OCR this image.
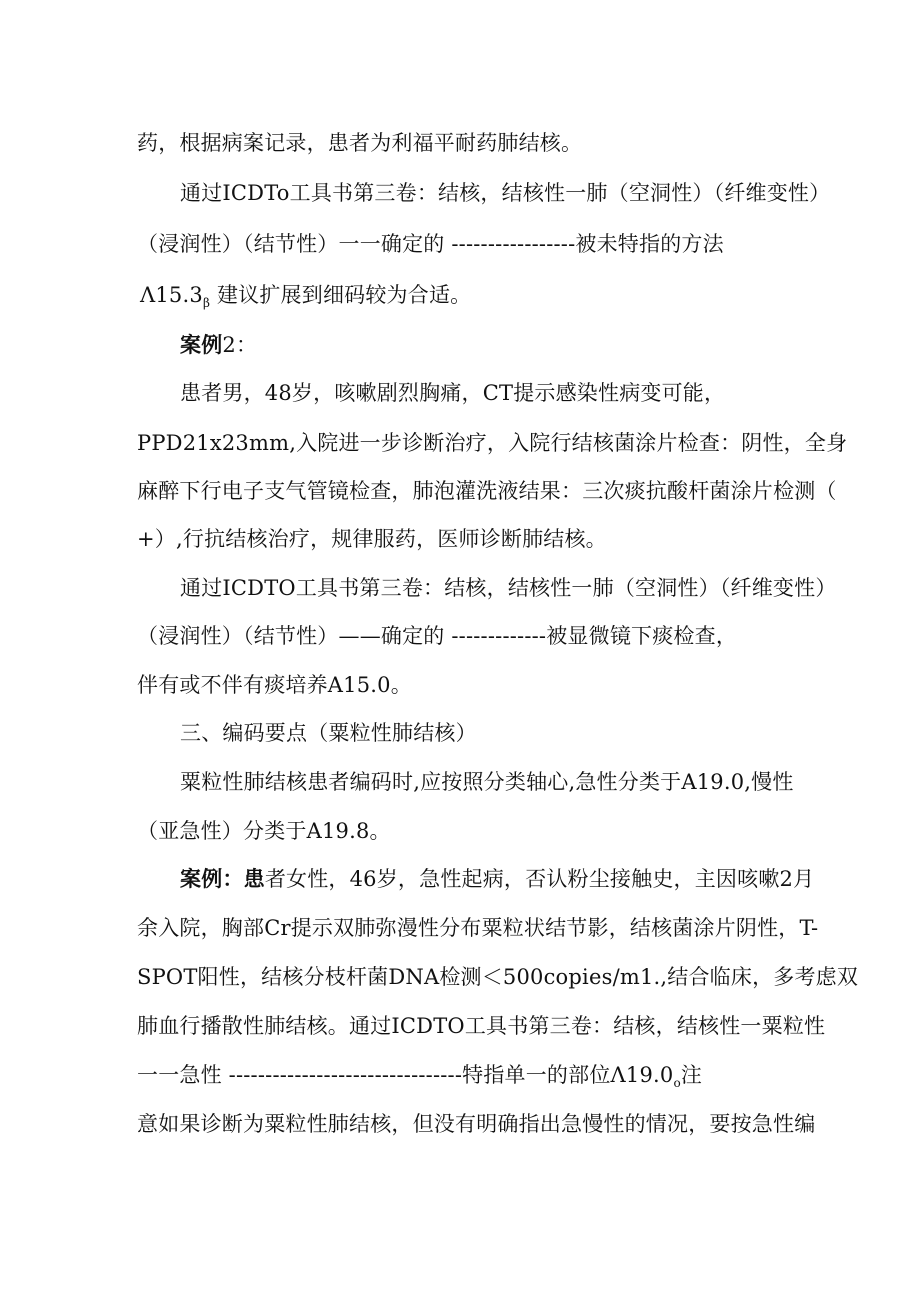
药，根据病案记录，患者为利福平耐药肺结核。
通过ICDTo工具书第三卷：结核，结核性一肺（空洞性）（纤维变性）
（浸润性）（结节性）一一确定的 -----------------被未特指的方法
$\Lambda 15.3_\beta$ 建议扩展到细码较为合适。
案例2：
患者男，48岁，咳嗽剧烈胸痛，CT提示感染性病变可能，
PPD21x23mm,入院进一步诊断治疗，入院行结核菌涂片检查：阴性，全身
麻醉下行电子支气管镜检查，肺泡灌洗液结果：三次痰抗酸杆菌涂片检测（
+）,行抗结核治疗，规律服药，医师诊断肺结核。
通过ICDTO工具书第三卷：结核，结核性一肺（空洞性）（纤维变性）
（浸润性）（结节性）——确定的 -------------被显微镜下痰检查，
伴有或不伴有痰培养A15.0。
三、编码要点（粟粒性肺结核）
粟粒性肺结核患者编码时,应按照分类轴心,急性分类于A19.0,慢性
（亚急性）分类于A19.8。
案例：患者女性，46岁，急性起病，否认粉尘接触史，主因咳嗽2月
余入院，胸部Cr提示双肺弥漫性分布粟粒状结节影，结核菌涂片阴性，T-
SPOT阳性，结核分枝杆菌DNA检测＜500copies/m1.,结合临床，多考虑双
肺血行播散性肺结核。通过ICDTO工具书第三卷：结核，结核性一粟粒性
一一急性 --------------------------------特指单一的部位$\Lambda 19.0_o$注
意如果诊断为粟粒性肺结核，但没有明确指出急慢性的情况，要按急性编
